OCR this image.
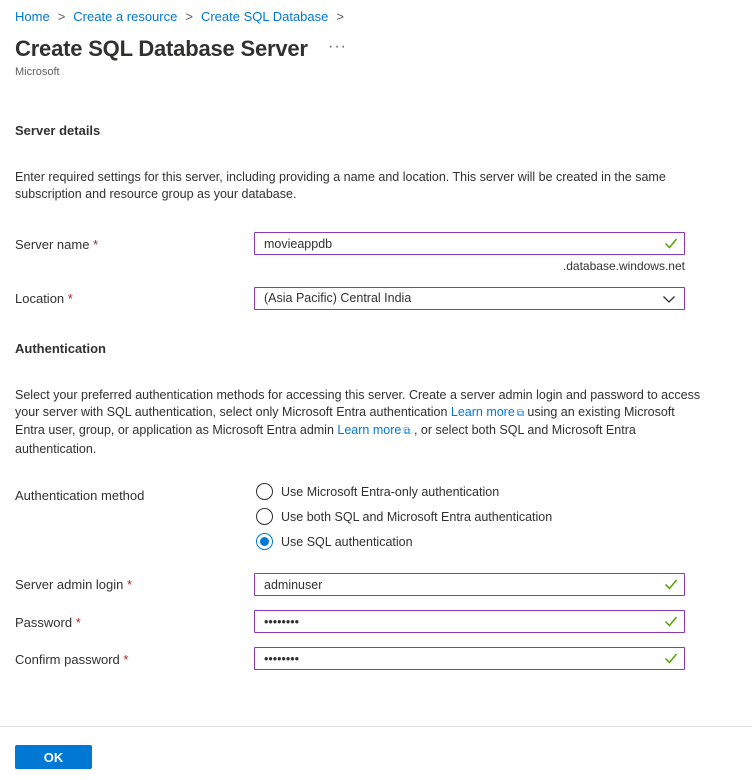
Home > Create a resource > Create SQL Database >
Create SQL Database Server ···
Microsoft
Server details

Enter required settings for this server, including providing a name and location. This server will be created in the same subscription and resource group as your database.

Server name *
movieappdb
.database.windows.net
Location *	(Asia Pacific) Central India
Authentication

Select your preferred authentication methods for accessing this server. Create a server admin login and password to access your server with SQL authentication, select only Microsoft Entra authentication Learn more ⧉ using an existing Microsoft Entra user, group, or application as Microsoft Entra admin Learn more ⧉ , or select both SQL and Microsoft Entra authentication.

Authentication method	Use Microsoft Entra-only authentication
Use both SQL and Microsoft Entra authentication
Use SQL authentication
Server admin login *
adminuser
Password *
••••••••
Confirm password *
••••••••
OK
